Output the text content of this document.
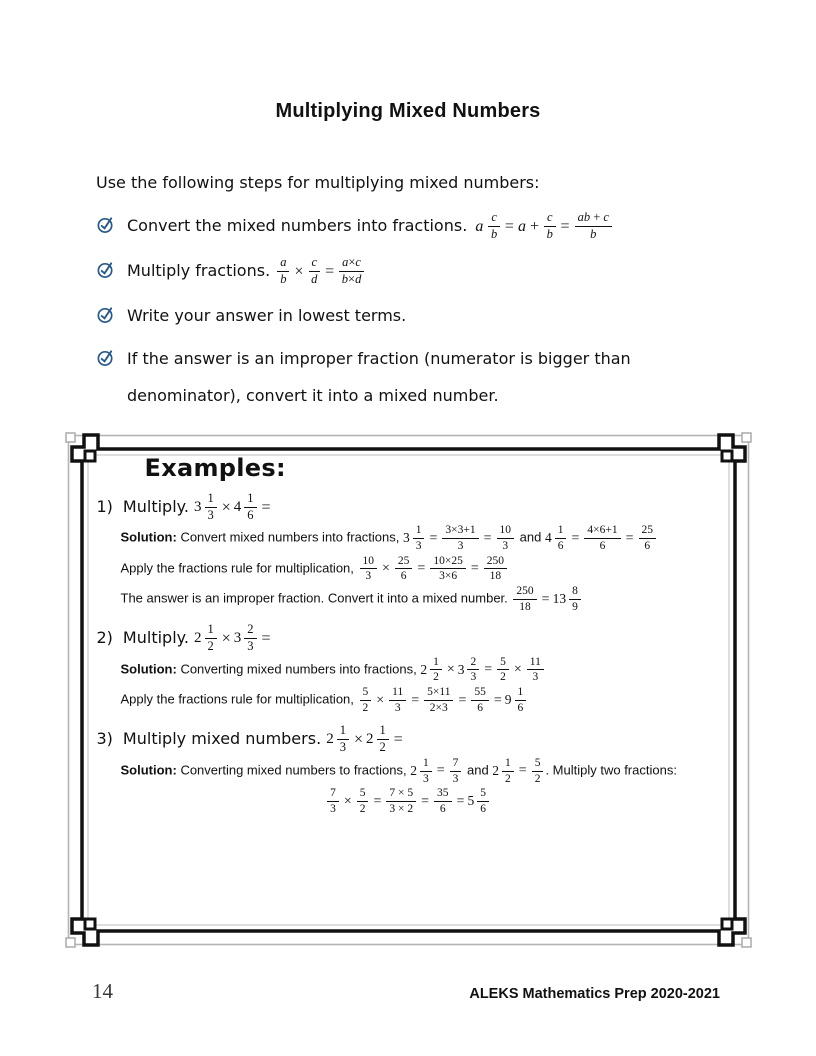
Multiplying Mixed Numbers

Use the following steps for multiplying mixed numbers:

Convert the mixed numbers into fractions. a $\frac{c}{b} = a + \frac{c}{b} = \frac{ab + c}{b}$
Multiply fractions. $\frac{a}{b} \times \frac{c}{d} = \frac{a\times c}{b\times d}$
Write your answer in lowest terms.
If the answer is an improper fraction (numerator is bigger than denominator), convert it into a mixed number.
Examples:
1) Multiply. $3 \frac{1}{3} \times 4 \frac{1}{6}$ =
Solution: Convert mixed numbers into fractions, $3 \frac{1}{3} = \frac{3\times 3+1}{3} = \frac{10}{3}$ and $4 \frac{1}{6} = \frac{4\times 6+1}{6} = \frac{25}{6}$
Apply the fractions rule for multiplication, $\frac{10}{3} \times \frac{25}{6} = \frac{10\times 25}{3\times 6} = \frac{250}{18}$
The answer is an improper fraction. Convert it into a mixed number. $\frac{250}{18} = 13 \frac{8}{9}$
2) Multiply. $2 \frac{1}{2} \times 3 \frac{2}{3}$ =
Solution: Converting mixed numbers into fractions, $2 \frac{1}{2} \times 3 \frac{2}{3} = \frac{5}{2} \times \frac{11}{3}$
Apply the fractions rule for multiplication, $\frac{5}{2} \times \frac{11}{3} = \frac{5\times 11}{2\times 3} = \frac{55}{6} = 9 \frac{1}{6}$
3) Multiply mixed numbers. $2 \frac{1}{3} \times 2 \frac{1}{2}$ =
Solution: Converting mixed numbers to fractions, $2 \frac{1}{3} = \frac{7}{3}$ and $2 \frac{1}{2} = \frac{5}{2}$ . Multiply two fractions:
$\frac{7}{3} \times \frac{5}{2} = \frac{7 \times 5}{3 \times 2} = \frac{35}{6} = 5 \frac{5}{6}$
14	ALEKS Mathematics Prep 2020-2021
